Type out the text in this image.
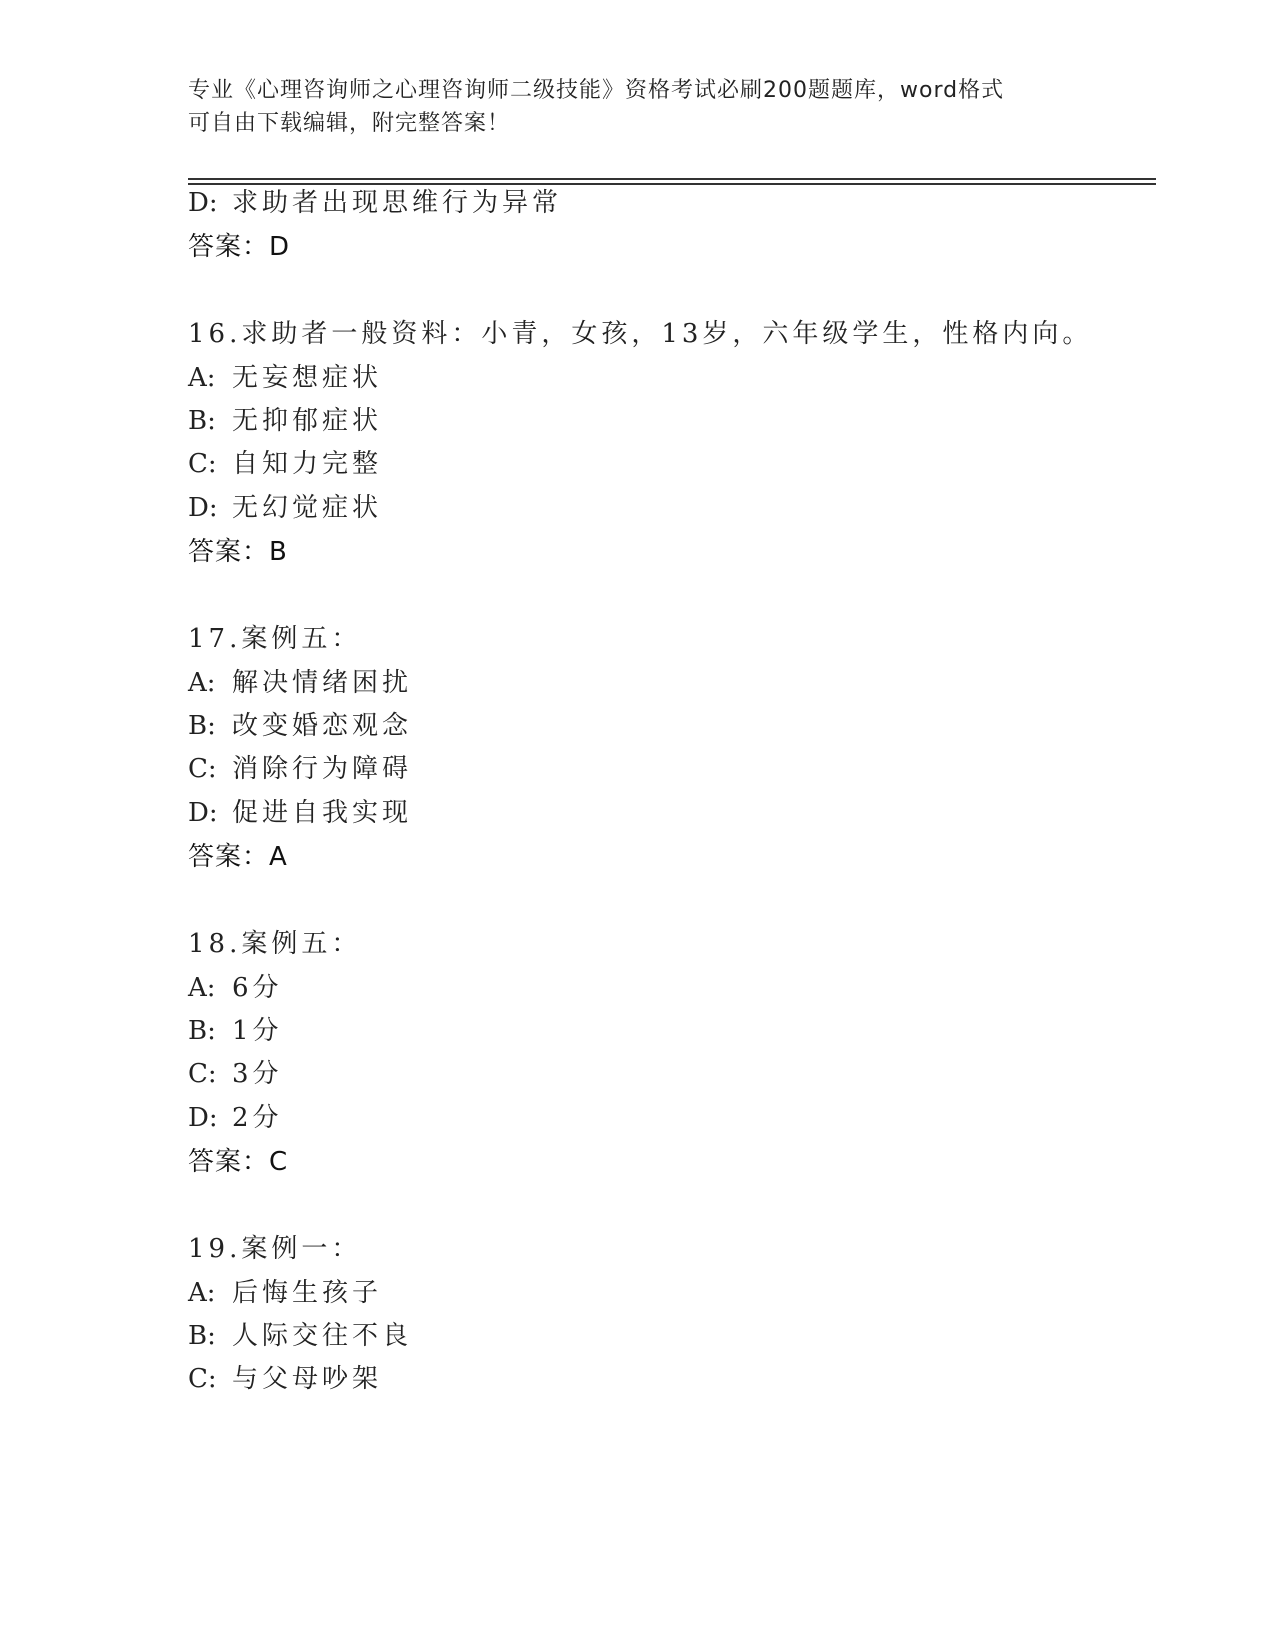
专业《心理咨询师之心理咨询师二级技能》资格考试必刷200题题库，word格式
可自由下载编辑，附完整答案！
D: 求助者出现思维行为异常
答案：D
16.求助者一般资料：小青，女孩，13岁，六年级学生，性格内向。
A: 无妄想症状
B: 无抑郁症状
C: 自知力完整
D: 无幻觉症状
答案：B
17.案例五：
A: 解决情绪困扰
B: 改变婚恋观念
C: 消除行为障碍
D: 促进自我实现
答案：A
18.案例五：
A: 6分
B: 1分
C: 3分
D: 2分
答案：C
19.案例一：
A: 后悔生孩子
B: 人际交往不良
C: 与父母吵架
